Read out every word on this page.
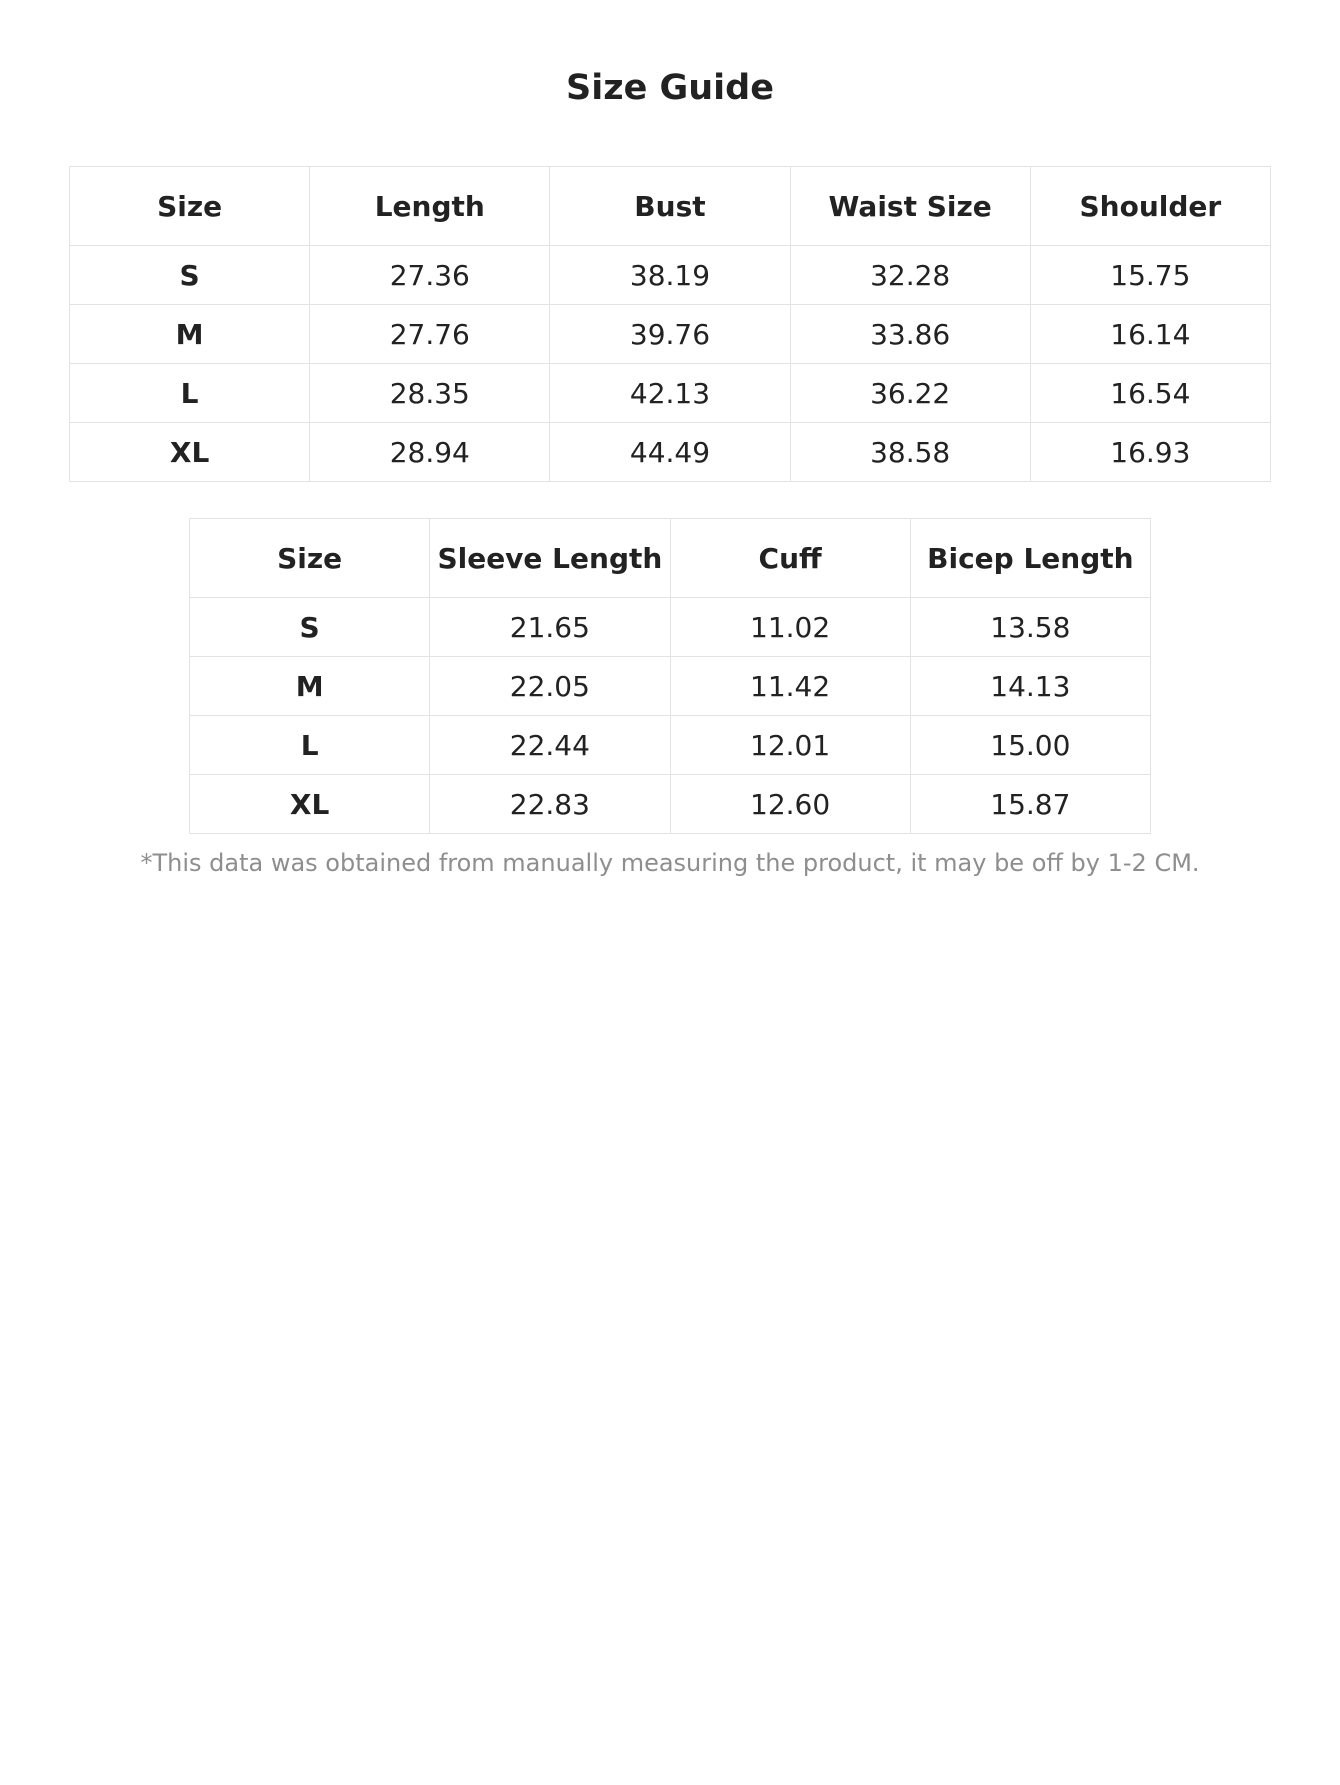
Size Guide
Size	Length	Bust	Waist Size	Shoulder
S	27.36	38.19	32.28	15.75
M	27.76	39.76	33.86	16.14
L	28.35	42.13	36.22	16.54
XL	28.94	44.49	38.58	16.93
Size	Sleeve Length	Cuff	Bicep Length
S	21.65	11.02	13.58
M	22.05	11.42	14.13
L	22.44	12.01	15.00
XL	22.83	12.60	15.87
*This data was obtained from manually measuring the product, it may be off by 1-2 CM.
